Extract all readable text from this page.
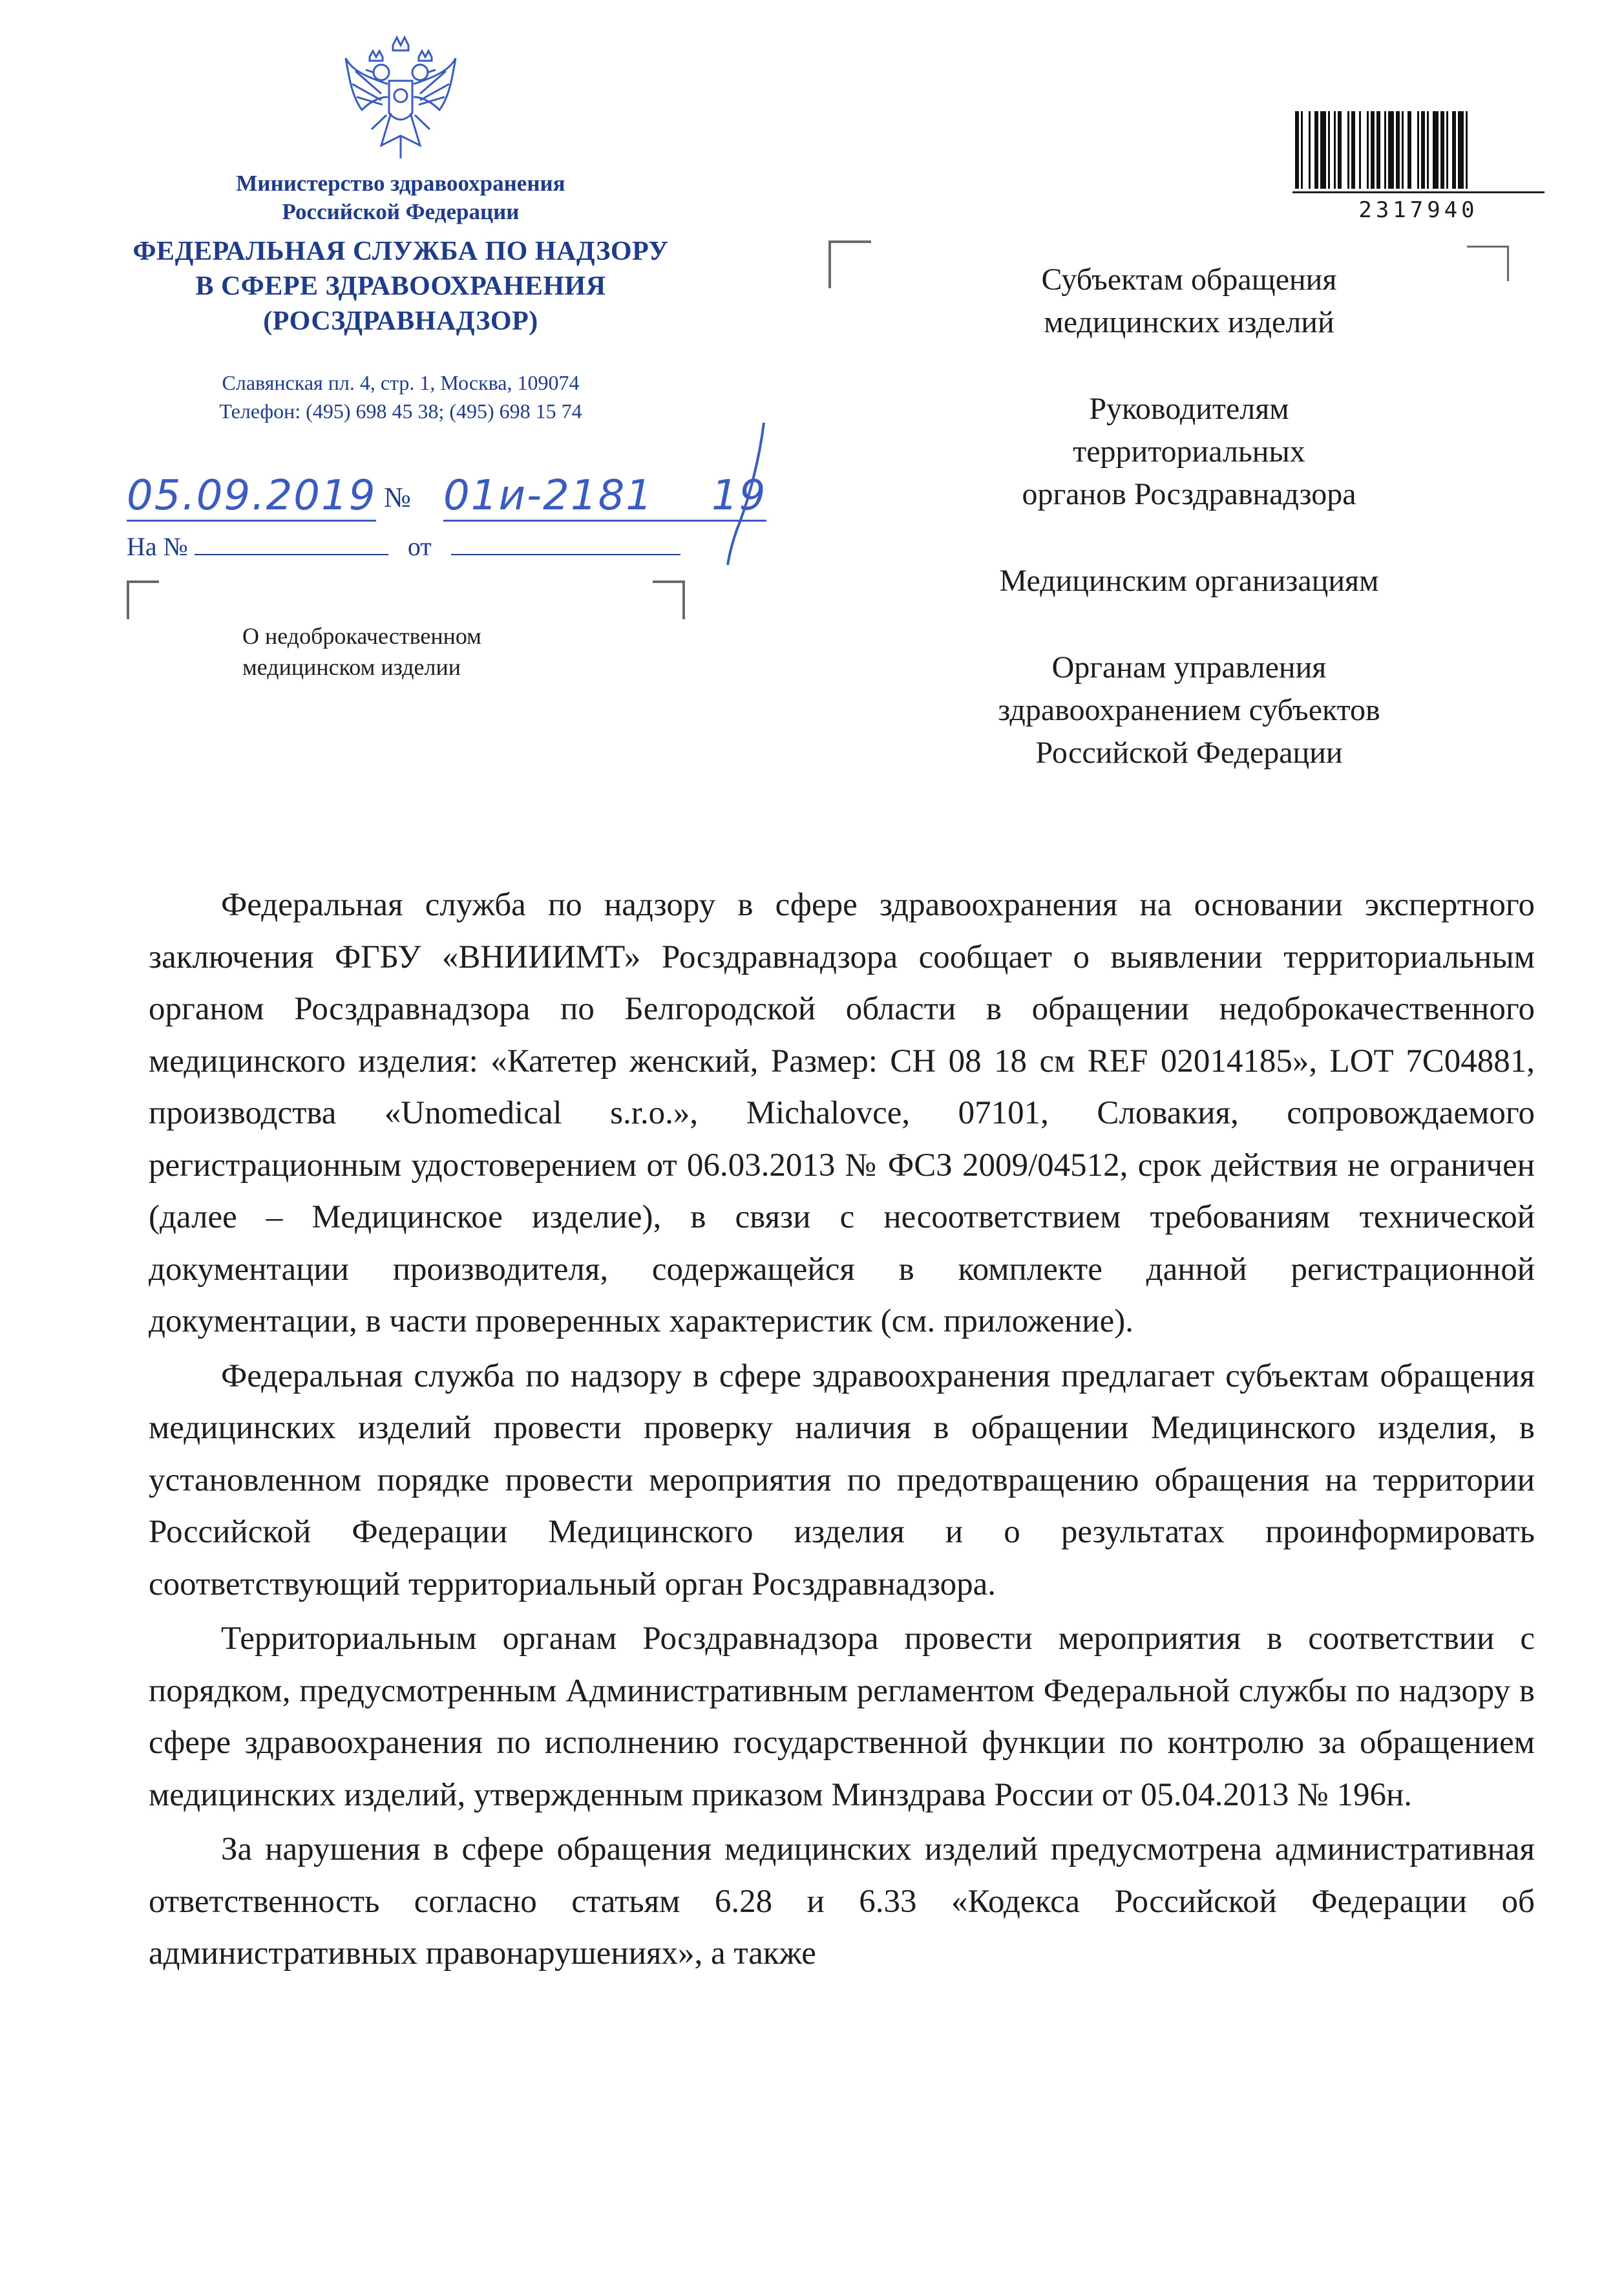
Министерство здравоохранения
Российской Федерации
ФЕДЕРАЛЬНАЯ СЛУЖБА ПО НАДЗОРУ
В СФЕРЕ ЗДРАВООХРАНЕНИЯ
(РОСЗДРАВНАДЗОР)
Славянская пл. 4, стр. 1, Москва, 109074
Телефон: (495) 698 45 38; (495) 698 15 74
05.09.2019 № 01и-2181 19
На №	от
О недоброкачественном
медицинском изделии
2317940
Субъектам обращения
медицинских изделий
Руководителям
территориальных
органов Росздравнадзора
Медицинским организациям
Органам управления
здравоохранением субъектов
Российской Федерации

Федеральная служба по надзору в сфере здравоохранения на основании экспертного заключения ФГБУ «ВНИИИМТ» Росздравнадзора сообщает о выявлении территориальным органом Росздравнадзора по Белгородской области в обращении недоброкачественного медицинского изделия: «Катетер женский, Размер: СН 08 18 см REF 02014185», LOT 7С04881, производства «Unomedical s.r.o.», Michalovce, 07101, Словакия, сопровождаемого регистрационным удостоверением от 06.03.2013 № ФСЗ 2009/04512, срок действия не ограничен (далее – Медицинское изделие), в связи с несоответствием требованиям технической документации производителя, содержащейся в комплекте данной регистрационной документации, в части проверенных характеристик (см. приложение).

Федеральная служба по надзору в сфере здравоохранения предлагает субъектам обращения медицинских изделий провести проверку наличия в обращении Медицинского изделия, в установленном порядке провести мероприятия по предотвращению обращения на территории Российской Федерации Медицинского изделия и о результатах проинформировать соответствующий территориальный орган Росздравнадзора.

Территориальным органам Росздравнадзора провести мероприятия в соответствии с порядком, предусмотренным Административным регламентом Федеральной службы по надзору в сфере здравоохранения по исполнению государственной функции по контролю за обращением медицинских изделий, утвержденным приказом Минздрава России от 05.04.2013 № 196н.

За нарушения в сфере обращения медицинских изделий предусмотрена административная ответственность согласно статьям 6.28 и 6.33 «Кодекса Российской Федерации об административных правонарушениях», а также
